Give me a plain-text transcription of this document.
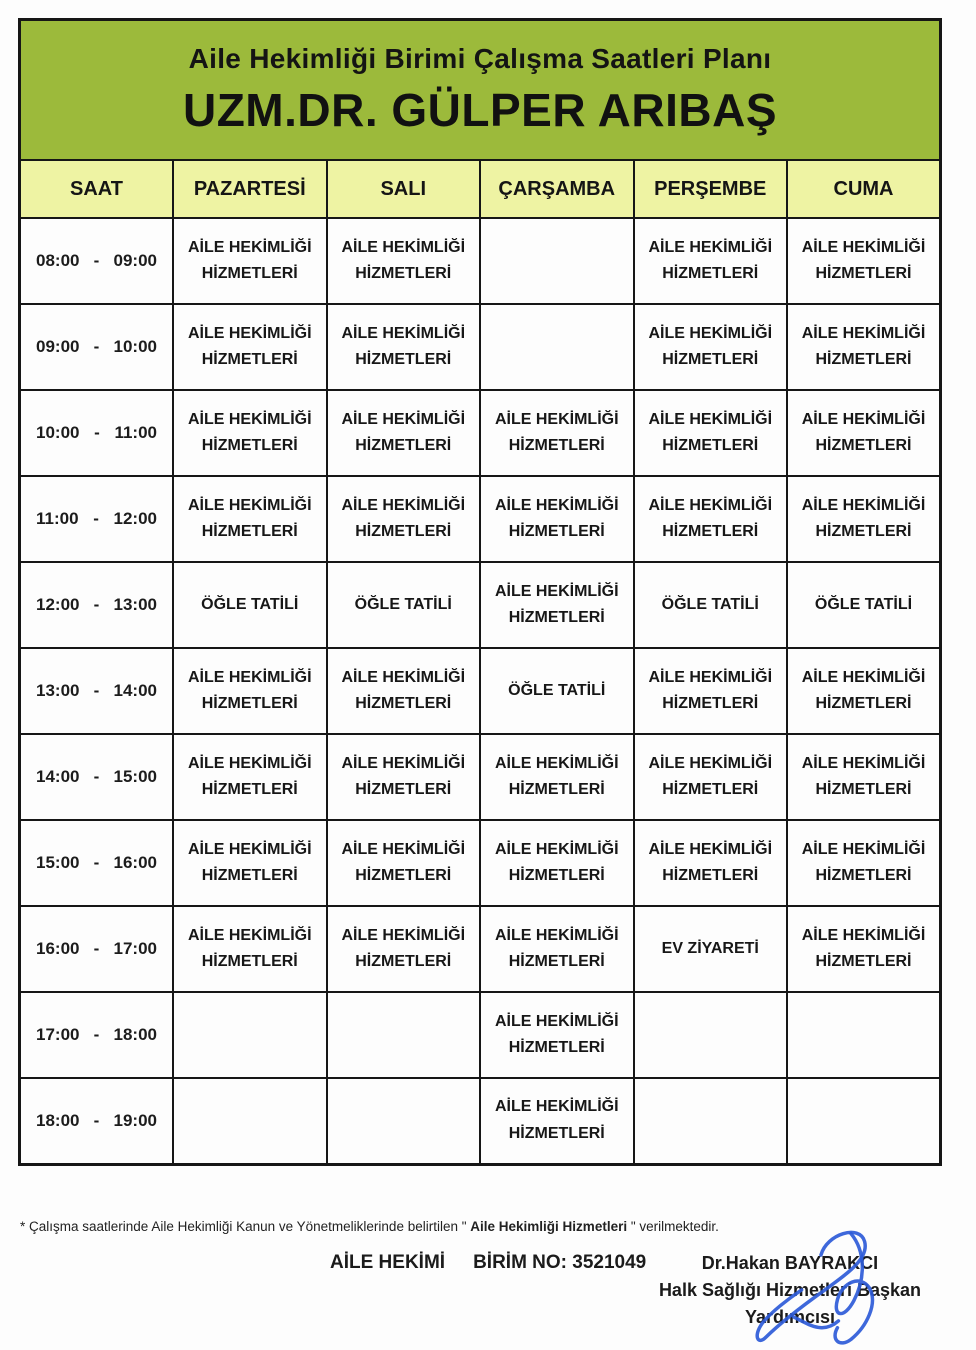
Aile Hekimliği Birimi Çalışma Saatleri Planı
UZM.DR. GÜLPER ARIBAŞ					

SAAT	PAZARTESİ	SALI	ÇARŞAMBA	PERŞEMBE	CUMA

08:00 - 09:00	AİLE HEKİMLİĞİ HİZMETLERİ	AİLE HEKİMLİĞİ HİZMETLERİ		AİLE HEKİMLİĞİ HİZMETLERİ	AİLE HEKİMLİĞİ HİZMETLERİ

09:00 - 10:00	AİLE HEKİMLİĞİ HİZMETLERİ	AİLE HEKİMLİĞİ HİZMETLERİ		AİLE HEKİMLİĞİ HİZMETLERİ	AİLE HEKİMLİĞİ HİZMETLERİ

10:00 - 11:00	AİLE HEKİMLİĞİ HİZMETLERİ	AİLE HEKİMLİĞİ HİZMETLERİ	AİLE HEKİMLİĞİ HİZMETLERİ	AİLE HEKİMLİĞİ HİZMETLERİ	AİLE HEKİMLİĞİ HİZMETLERİ

11:00 - 12:00	AİLE HEKİMLİĞİ HİZMETLERİ	AİLE HEKİMLİĞİ HİZMETLERİ	AİLE HEKİMLİĞİ HİZMETLERİ	AİLE HEKİMLİĞİ HİZMETLERİ	AİLE HEKİMLİĞİ HİZMETLERİ

12:00 - 13:00	ÖĞLE TATİLİ	ÖĞLE TATİLİ	AİLE HEKİMLİĞİ HİZMETLERİ	ÖĞLE TATİLİ	ÖĞLE TATİLİ

13:00 - 14:00	AİLE HEKİMLİĞİ HİZMETLERİ	AİLE HEKİMLİĞİ HİZMETLERİ	ÖĞLE TATİLİ	AİLE HEKİMLİĞİ HİZMETLERİ	AİLE HEKİMLİĞİ HİZMETLERİ

14:00 - 15:00	AİLE HEKİMLİĞİ HİZMETLERİ	AİLE HEKİMLİĞİ HİZMETLERİ	AİLE HEKİMLİĞİ HİZMETLERİ	AİLE HEKİMLİĞİ HİZMETLERİ	AİLE HEKİMLİĞİ HİZMETLERİ

15:00 - 16:00	AİLE HEKİMLİĞİ HİZMETLERİ	AİLE HEKİMLİĞİ HİZMETLERİ	AİLE HEKİMLİĞİ HİZMETLERİ	AİLE HEKİMLİĞİ HİZMETLERİ	AİLE HEKİMLİĞİ HİZMETLERİ

16:00 - 17:00	AİLE HEKİMLİĞİ HİZMETLERİ	AİLE HEKİMLİĞİ HİZMETLERİ	AİLE HEKİMLİĞİ HİZMETLERİ	EV ZİYARETİ	AİLE HEKİMLİĞİ HİZMETLERİ

17:00 - 18:00			AİLE HEKİMLİĞİ HİZMETLERİ		

18:00 - 19:00			AİLE HEKİMLİĞİ HİZMETLERİ		
* Çalışma saatlerinde Aile Hekimliği Kanun ve Yönetmeliklerinde belirtilen " Aile Hekimliği Hizmetleri " verilmektedir.
AİLE HEKİMİ BİRİM NO: 3521049	Dr.Hakan BAYRAKCI
Halk Sağlığı Hizmetleri Başkan
Yardımcısı
